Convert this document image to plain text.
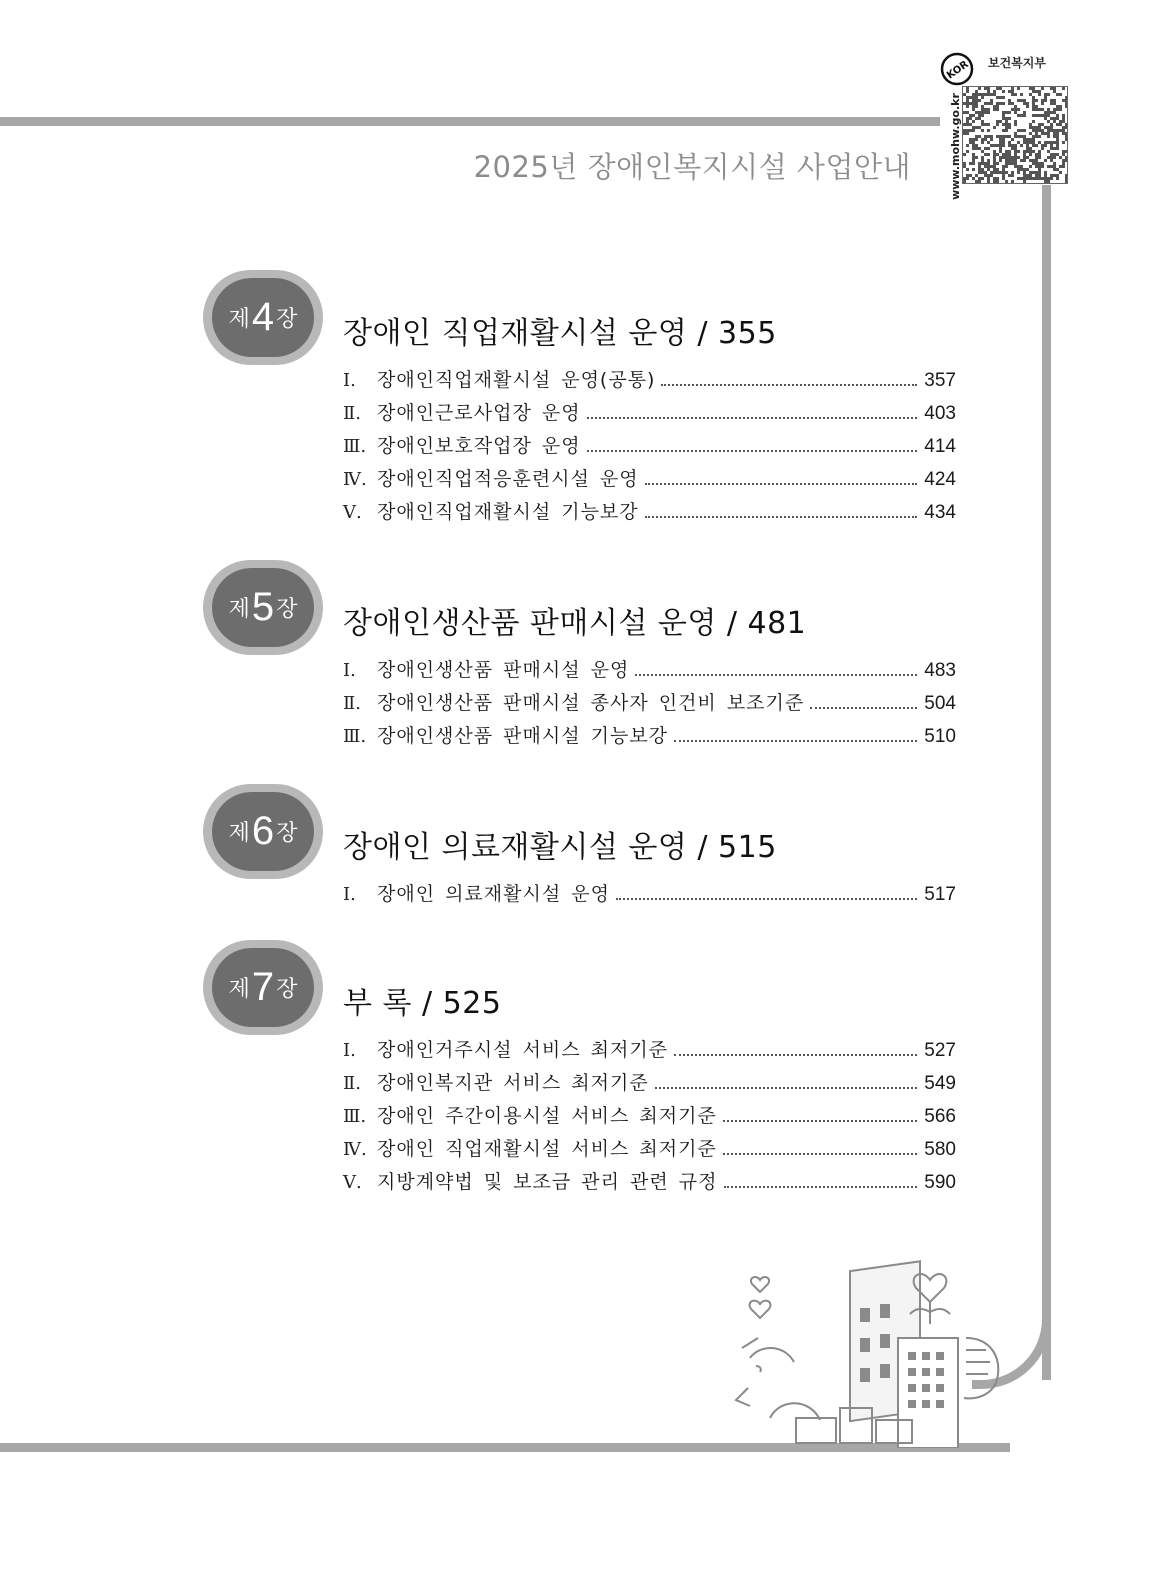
2025년 장애인복지시설 사업안내
KOR 보건복지부
www.mohw.go.kr
제 4 장 장애인 직업재활시설 운영 / 355
Ⅰ.	장애인직업재활시설 운영(공통)	357
Ⅱ. 장애인근로사업장 운영	403
Ⅲ. 장애인보호작업장 운영	414
Ⅳ. 장애인직업적응훈련시설 운영	424
Ⅴ. 장애인직업재활시설 기능보강	434
제 5 장 장애인생산품 판매시설 운영 / 481
Ⅰ.	장애인생산품 판매시설 운영	483
Ⅱ. 장애인생산품 판매시설 종사자 인건비 보조기준	504
Ⅲ. 장애인생산품 판매시설 기능보강	510
제 6 장 장애인 의료재활시설 운영 / 515
Ⅰ.	장애인 의료재활시설 운영	517
제 7 장 부 록 / 525
Ⅰ.	장애인거주시설 서비스 최저기준	527
Ⅱ. 장애인복지관 서비스 최저기준	549
Ⅲ. 장애인 주간이용시설 서비스 최저기준	566
Ⅳ. 장애인 직업재활시설 서비스 최저기준	580
Ⅴ. 지방계약법 및 보조금 관리 관련 규정	590
